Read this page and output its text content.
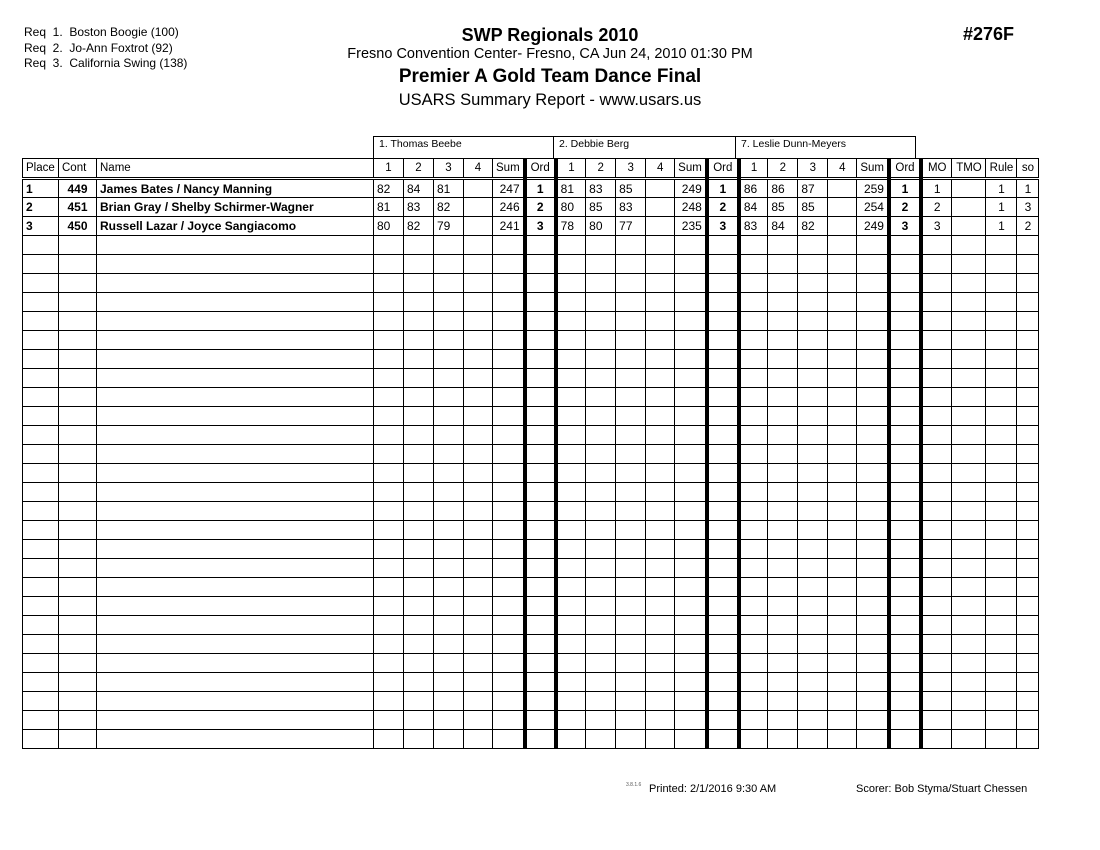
Req  1.  Boston Boogie (100)
Req  2.  Jo-Ann Foxtrot (92)
Req  3.  California Swing (138)
SWP Regionals 2010
Fresno Convention Center- Fresno, CA Jun 24, 2010 01:30 PM
Premier A Gold Team Dance Final
USARS Summary Report - www.usars.us
#276F
1. Thomas Beebe	2. Debbie Berg	7. Leslie Dunn-Meyers
Place	Cont	Name	1	2	3	4	Sum	Ord	1	2	3	4	Sum	Ord	1	2	3	4	Sum	Ord	MO	TMO	Rule	so
1	449	James Bates / Nancy Manning	82	84	81		247	1	81	83	85		249	1	86	86	87		259	1	1		1	1
2	451	Brian Gray / Shelby Schirmer-Wagner	81	83	82		246	2	80	85	83		248	2	84	85	85		254	2	2		1	3
3	450	Russell Lazar / Joyce Sangiacomo	80	82	79		241	3	78	80	77		235	3	83	84	82		249	3	3		1	2

3.8.1.6 Printed: 2/1/2016 9:30 AM	Scorer: Bob Styma/Stuart Chessen
